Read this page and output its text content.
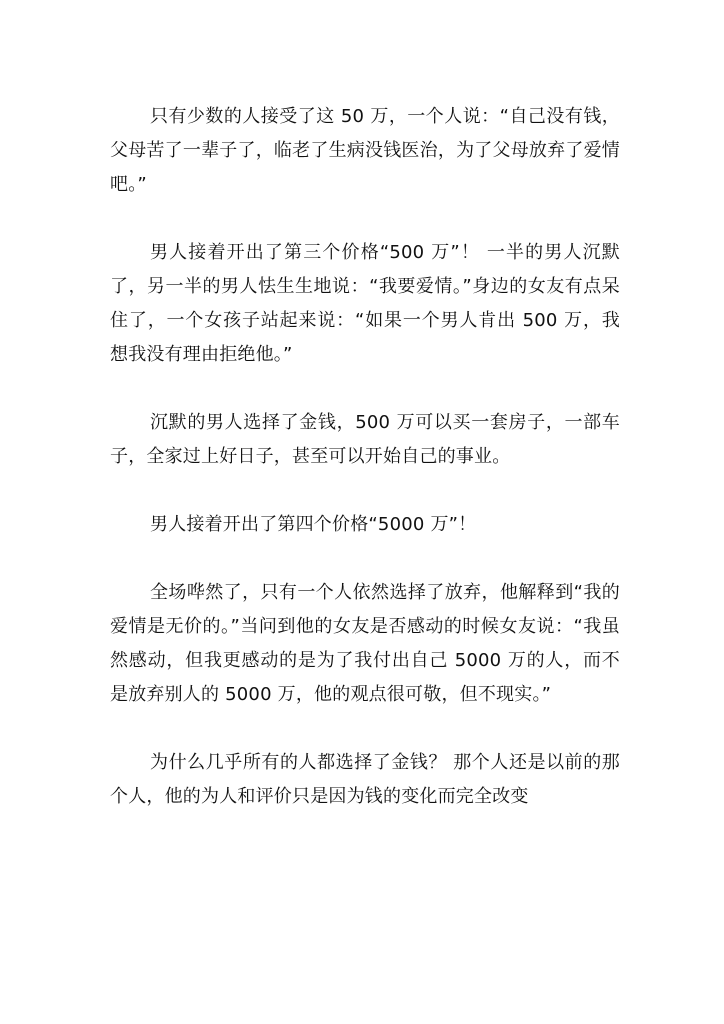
只有少数的人接受了这 50 万，一个人说：“自己没有钱，父母苦了一辈子了，临老了生病没钱医治，为了父母放弃了爱情吧。”

男人接着开出了第三个价格“500 万”！ 一半的男人沉默了，另一半的男人怯生生地说：“我要爱情。”身边的女友有点呆住了，一个女孩子站起来说：“如果一个男人肯出 500 万，我想我没有理由拒绝他。”

沉默的男人选择了金钱，500 万可以买一套房子，一部车子，全家过上好日子，甚至可以开始自己的事业。

男人接着开出了第四个价格“5000 万”！

全场哗然了，只有一个人依然选择了放弃，他解释到“我的爱情是无价的。”当问到他的女友是否感动的时候女友说：“我虽然感动，但我更感动的是为了我付出自己 5000 万的人，而不是放弃别人的 5000 万，他的观点很可敬，但不现实。”

为什么几乎所有的人都选择了金钱？ 那个人还是以前的那个人，他的为人和评价只是因为钱的变化而完全改变
